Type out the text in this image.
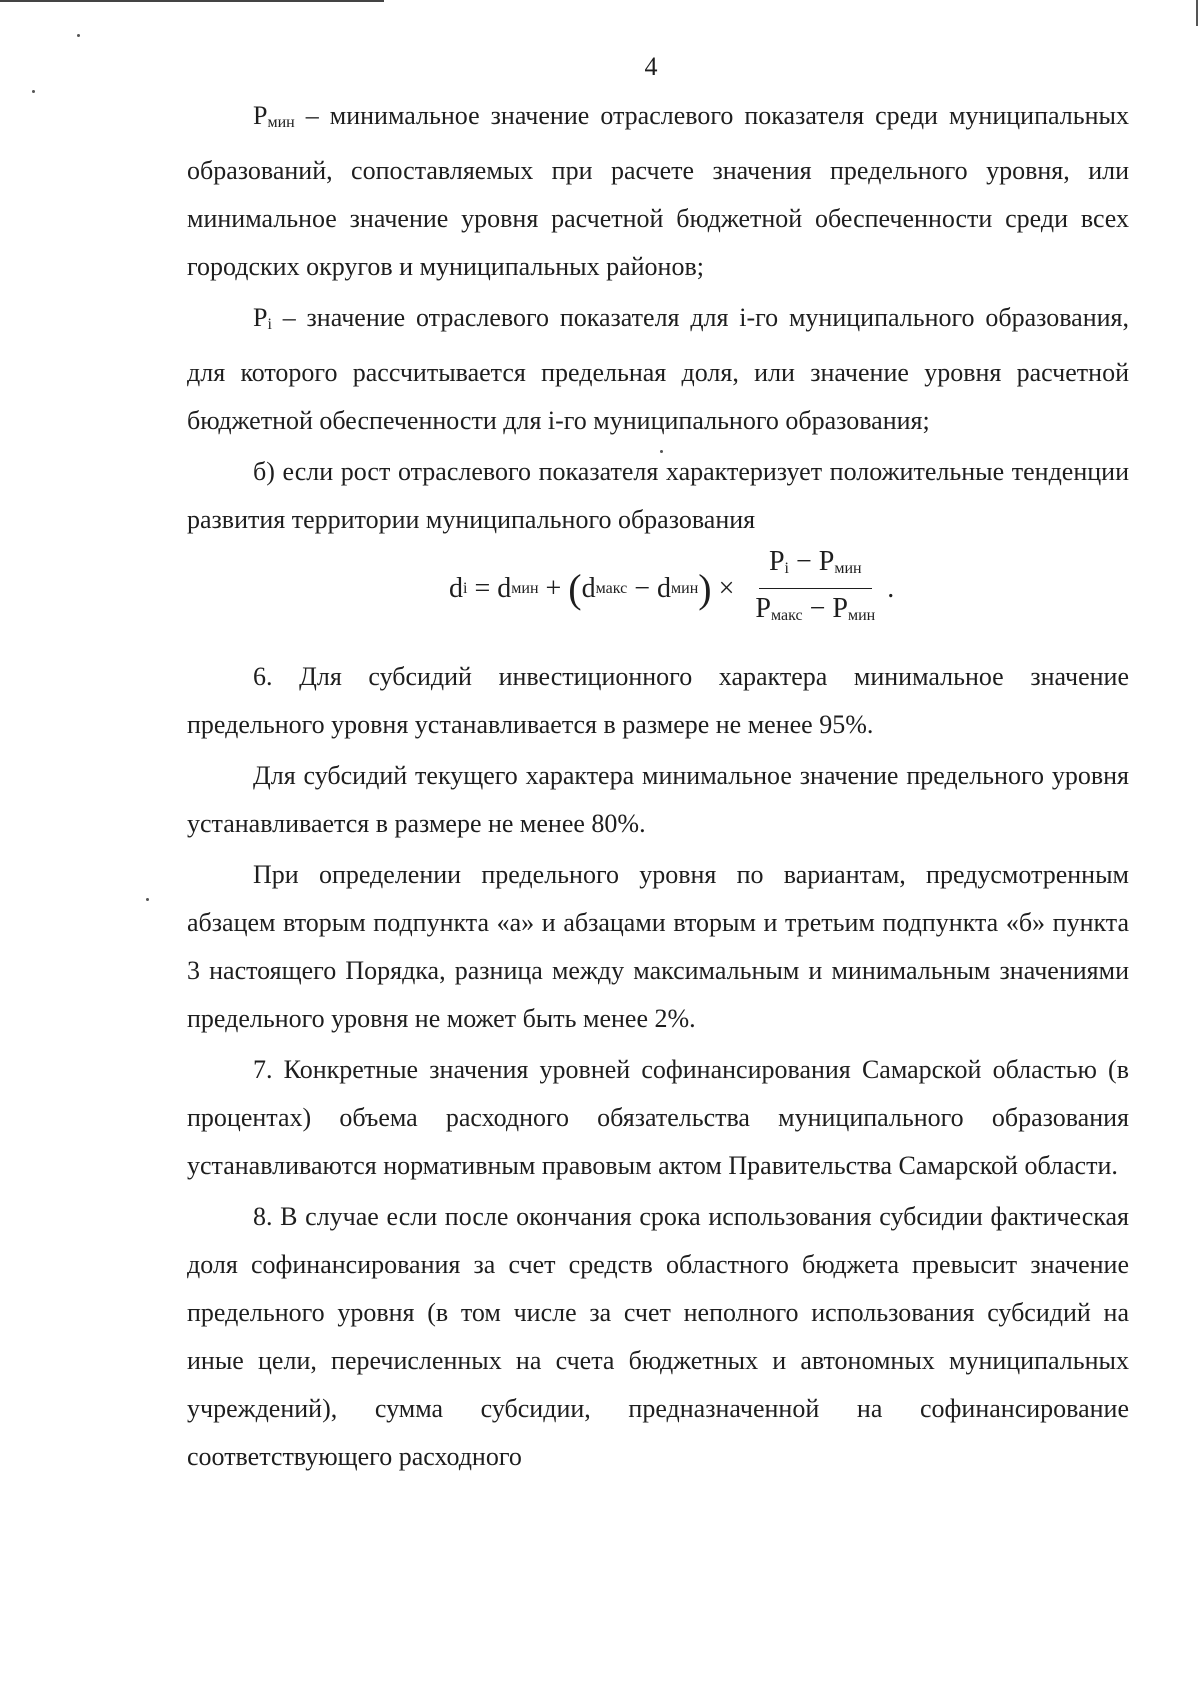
4

Pмин – минимальное значение отраслевого показателя среди муниципальных образований, сопоставляемых при расчете значения предельного уровня, или минимальное значение уровня расчетной бюджетной обеспеченности среди всех городских округов и муниципальных районов;

Pi – значение отраслевого показателя для i-го муниципального образования, для которого рассчитывается предельная доля, или значение уровня расчетной бюджетной обеспеченности для i-го муниципального образования;

б) если рост отраслевого показателя характеризует положительные тенденции развития территории муниципального образования

d i = d мин + ( d макс − d мин ) × $\frac{\text{Pi − Pмин}}{\text{Pмакс − Pмин}}$ .

6. Для субсидий инвестиционного характера минимальное значение предельного уровня устанавливается в размере не менее 95%.

Для субсидий текущего характера минимальное значение предельного уровня устанавливается в размере не менее 80%.

При определении предельного уровня по вариантам, предусмотренным абзацем вторым подпункта «а» и абзацами вторым и третьим подпункта «б» пункта 3 настоящего Порядка, разница между максимальным и минимальным значениями предельного уровня не может быть менее 2%.

7. Конкретные значения уровней софинансирования Самарской областью (в процентах) объема расходного обязательства муниципального образования устанавливаются нормативным правовым актом Правительства Самарской области.

8. В случае если после окончания срока использования субсидии фактическая доля софинансирования за счет средств областного бюджета превысит значение предельного уровня (в том числе за счет неполного использования субсидий на иные цели, перечисленных на счета бюджетных и автономных муниципальных учреждений), сумма субсидии, предназначенной на софинансирование соответствующего расходного
